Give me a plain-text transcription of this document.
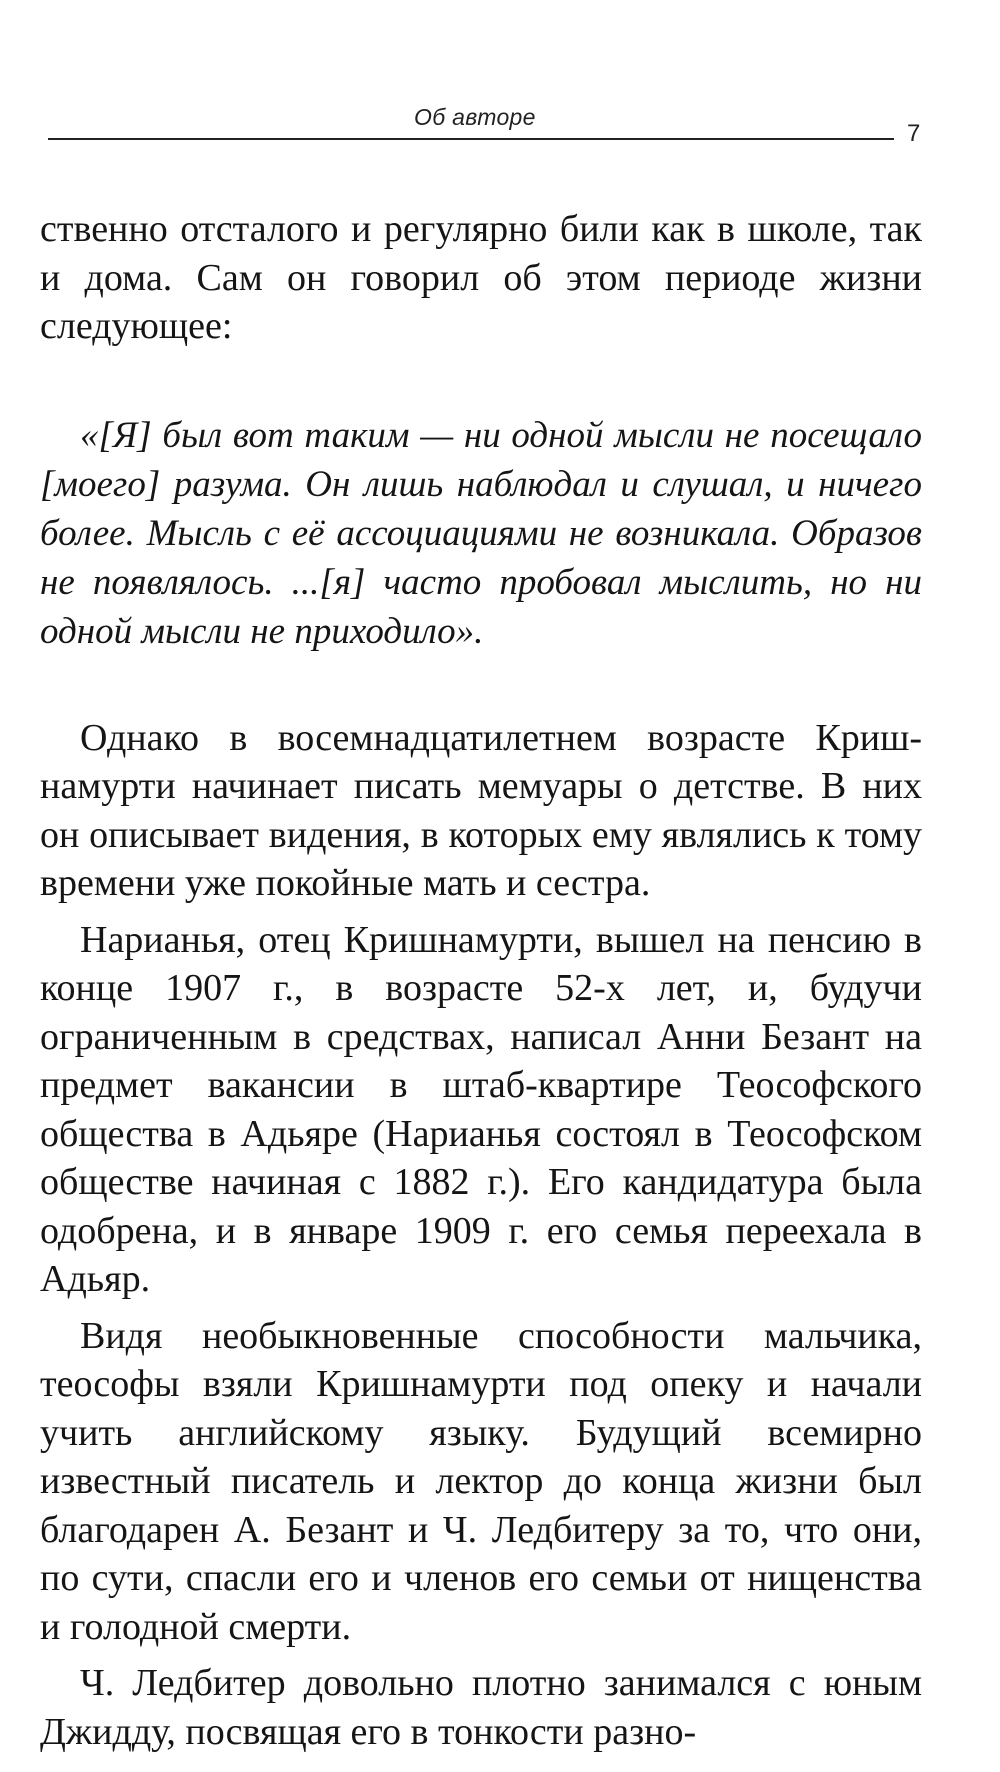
Об авторе
7

ственно отсталого и регулярно били как в школе, так и дома. Сам он говорил об этом периоде жизни следующее:

«[Я] был вот таким — ни одной мысли не посещало [моего] разума. Он лишь наблюдал и слушал, и ничего более. Мысль с её ассоциациями не возникала. Образов не появлялось. ...[я] часто пробовал мыслить, но ни одной мысли не приходило».

Однако в восемнадцатилетнем возрасте Кришнамурти начинает писать мемуары о детстве. В них он описывает видения, в которых ему являлись к тому времени уже покойные мать и сестра.

Нарианья, отец Кришнамурти, вышел на пенсию в конце 1907 г., в возрасте 52-х лет, и, будучи ограниченным в средствах, написал Анни Безант на предмет вакансии в штаб-квартире Теософского общества в Адьяре (Нарианья состоял в Теософском обществе начиная с 1882 г.). Его кандидатура была одобрена, и в январе 1909 г. его семья переехала в Адьяр.

Видя необыкновенные способности мальчика, теософы взяли Кришнамурти под опеку и начали учить английскому языку. Будущий всемирно известный писатель и лектор до конца жизни был благодарен А. Безант и Ч. Ледбитеру за то, что они, по сути, спасли его и членов его семьи от нищенства и голодной смерти.

Ч. Ледбитер довольно плотно занимался с юным Джидду, посвящая его в тонкости разно-
